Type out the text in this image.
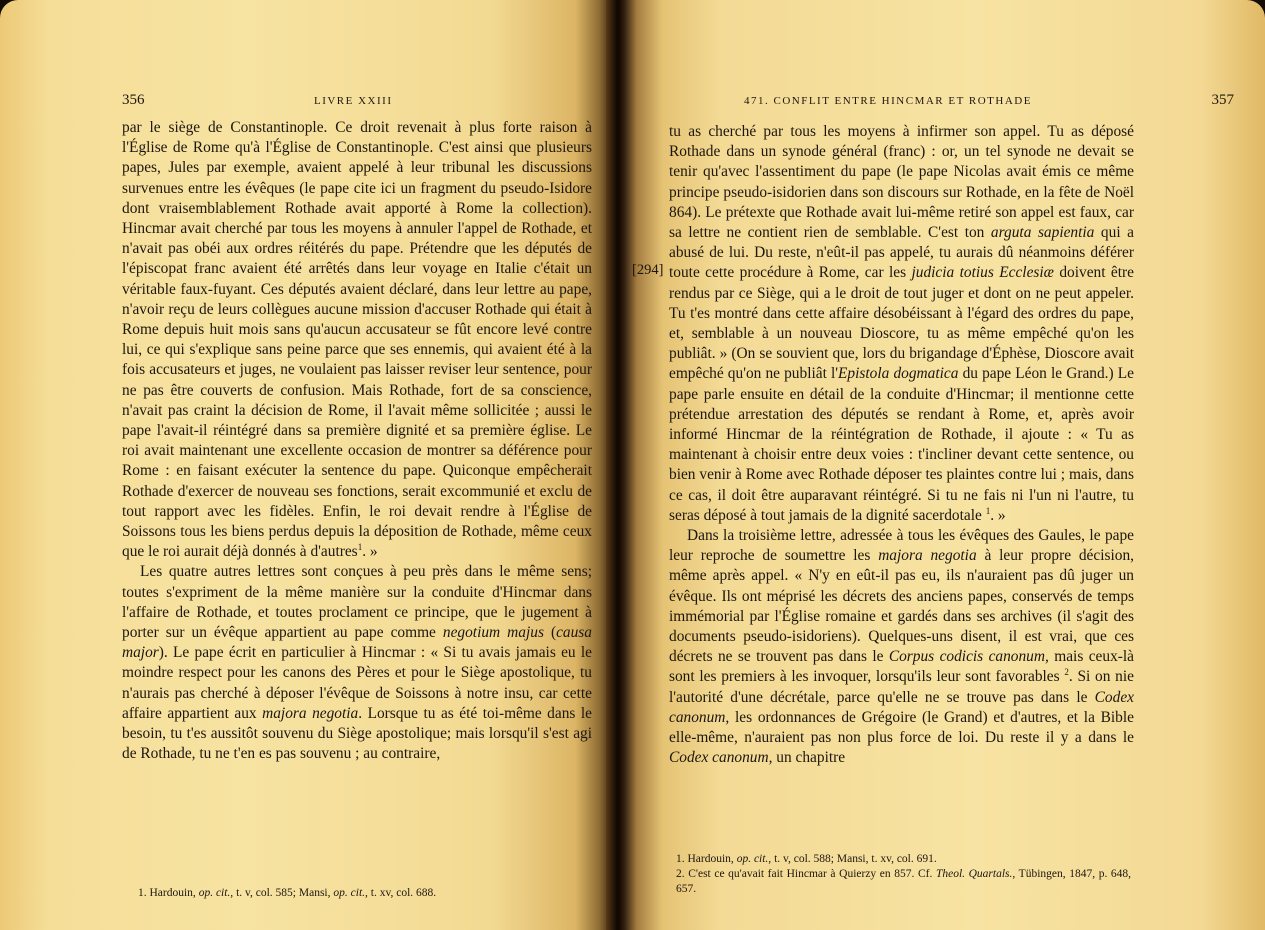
356	LIVRE XXIII

par le siège de Constantinople. Ce droit revenait à plus forte raison à l'Église de Rome qu'à l'Église de Constantinople. C'est ainsi que plusieurs papes, Jules par exemple, avaient appelé à leur tribunal les discussions survenues entre les évêques (le pape cite ici un fragment du pseudo-Isidore dont vraisemblablement Rothade avait apporté à Rome la collection). Hincmar avait cherché par tous les moyens à annuler l'appel de Rothade, et n'avait pas obéi aux ordres réitérés du pape. Prétendre que les députés de l'épiscopat franc avaient été arrêtés dans leur voyage en Italie c'était un véritable faux-fuyant. Ces députés avaient déclaré, dans leur lettre au pape, n'avoir reçu de leurs collègues aucune mission d'accuser Rothade qui était à Rome depuis huit mois sans qu'aucun accusateur se fût encore levé contre lui, ce qui s'explique sans peine parce que ses ennemis, qui avaient été à la fois accusateurs et juges, ne voulaient pas laisser reviser leur sentence, pour ne pas être couverts de confusion. Mais Rothade, fort de sa conscience, n'avait pas craint la décision de Rome, il l'avait même sollicitée ; aussi le pape l'avait-il réintégré dans sa première dignité et sa première église. Le roi avait maintenant une excellente occasion de montrer sa déférence pour Rome : en faisant exécuter la sentence du pape. Quiconque empêcherait Rothade d'exercer de nouveau ses fonctions, serait excommunié et exclu de tout rapport avec les fidèles. Enfin, le roi devait rendre à l'Église de Soissons tous les biens perdus depuis la déposition de Rothade, même ceux que le roi aurait déjà donnés à d'autres$^1$. »

Les quatre autres lettres sont conçues à peu près dans le même sens; toutes s'expriment de la même manière sur la conduite d'Hincmar dans l'affaire de Rothade, et toutes proclament ce principe, que le jugement à porter sur un évêque appartient au pape comme negotium majus (causa major). Le pape écrit en particulier à Hincmar : « Si tu avais jamais eu le moindre respect pour les canons des Pères et pour le Siège apostolique, tu n'aurais pas cherché à déposer l'évêque de Soissons à notre insu, car cette affaire appartient aux majora negotia. Lorsque tu as été toi-même dans le besoin, tu t'es aussitôt souvenu du Siège apostolique; mais lorsqu'il s'est agi de Rothade, tu ne t'en es pas souvenu ; au contraire,

1. Hardouin, op. cit., t. v, col. 585; Mansi, op. cit., t. xv, col. 688.
471. CONFLIT ENTRE HINCMAR ET ROTHADE	357
[294]

tu as cherché par tous les moyens à infirmer son appel. Tu as déposé Rothade dans un synode général (franc) : or, un tel synode ne devait se tenir qu'avec l'assentiment du pape (le pape Nicolas avait émis ce même principe pseudo-isidorien dans son discours sur Rothade, en la fête de Noël 864). Le prétexte que Rothade avait lui-même retiré son appel est faux, car sa lettre ne contient rien de semblable. C'est ton arguta sapientia qui a abusé de lui. Du reste, n'eût-il pas appelé, tu aurais dû néanmoins déférer toute cette procédure à Rome, car les judicia totius Ecclesiæ doivent être rendus par ce Siège, qui a le droit de tout juger et dont on ne peut appeler. Tu t'es montré dans cette affaire désobéissant à l'égard des ordres du pape, et, semblable à un nouveau Dioscore, tu as même empêché qu'on les publiât. » (On se souvient que, lors du brigandage d'Éphèse, Dioscore avait empêché qu'on ne publiât l'Epistola dogmatica du pape Léon le Grand.) Le pape parle ensuite en détail de la conduite d'Hincmar; il mentionne cette prétendue arrestation des députés se rendant à Rome, et, après avoir informé Hincmar de la réintégration de Rothade, il ajoute : « Tu as maintenant à choisir entre deux voies : t'incliner devant cette sentence, ou bien venir à Rome avec Rothade déposer tes plaintes contre lui ; mais, dans ce cas, il doit être auparavant réintégré. Si tu ne fais ni l'un ni l'autre, tu seras déposé à tout jamais de la dignité sacerdotale $^1$. »

Dans la troisième lettre, adressée à tous les évêques des Gaules, le pape leur reproche de soumettre les majora negotia à leur propre décision, même après appel. « N'y en eût-il pas eu, ils n'auraient pas dû juger un évêque. Ils ont méprisé les décrets des anciens papes, conservés de temps immémorial par l'Église romaine et gardés dans ses archives (il s'agit des documents pseudo-isidoriens). Quelques-uns disent, il est vrai, que ces décrets ne se trouvent pas dans le Corpus codicis canonum, mais ceux-là sont les premiers à les invoquer, lorsqu'ils leur sont favorables $^2$. Si on nie l'autorité d'une décrétale, parce qu'elle ne se trouve pas dans le Codex canonum, les ordonnances de Grégoire (le Grand) et d'autres, et la Bible elle-même, n'auraient pas non plus force de loi. Du reste il y a dans le Codex canonum, un chapitre

1. Hardouin, op. cit., t. v, col. 588; Mansi, t. xv, col. 691.
2. C'est ce qu'avait fait Hincmar à Quierzy en 857. Cf. Theol. Quartals., Tübingen, 1847, p. 648, 657.
